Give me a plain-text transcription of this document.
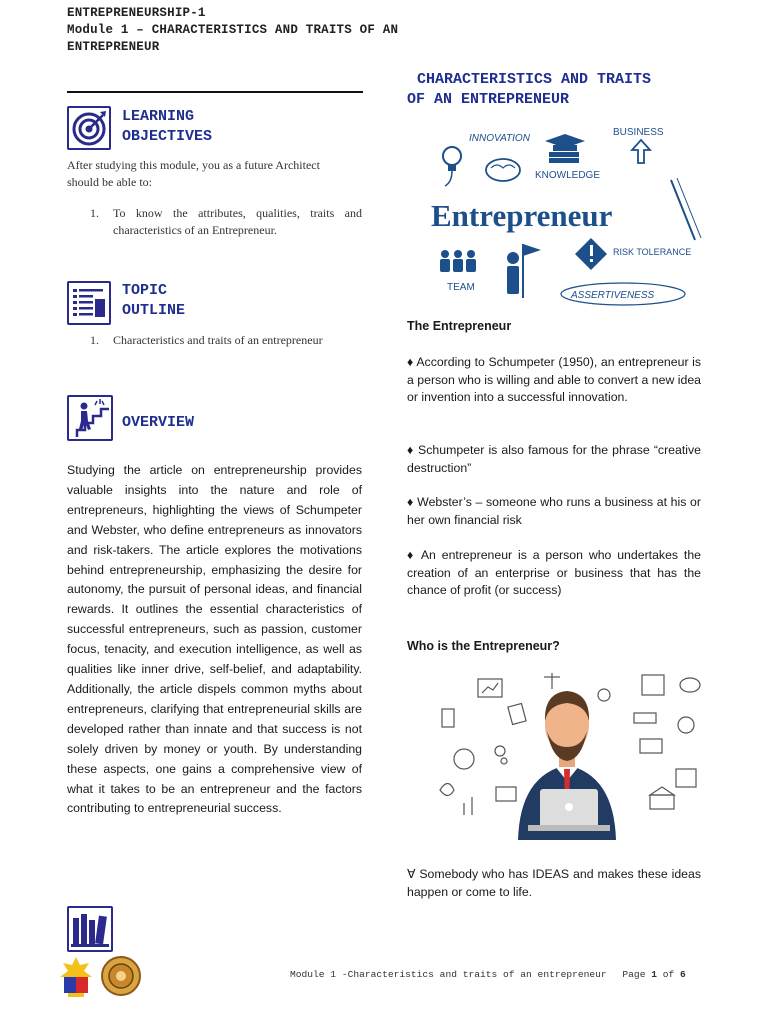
ENTREPRENEURSHIP-1
Module 1 – CHARACTERISTICS AND TRAITS OF AN
ENTREPRENEUR
LEARNING
OBJECTIVES
After studying this module, you as a future Architect
should be able to:
1. To know the attributes, qualities, traits and characteristics of an Entrepreneur.
TOPIC
OUTLINE
1. Characteristics and traits of an entrepreneur
OVERVIEW
Studying the article on entrepreneurship provides valuable insights into the nature and role of entrepreneurs, highlighting the views of Schumpeter and Webster, who define entrepreneurs as innovators and risk-takers. The article explores the motivations behind entrepreneurship, emphasizing the desire for autonomy, the pursuit of personal ideas, and financial rewards. It outlines the essential characteristics of successful entrepreneurs, such as passion, customer focus, tenacity, and execution intelligence, as well as qualities like inner drive, self-belief, and adaptability. Additionally, the article dispels common myths about entrepreneurs, clarifying that entrepreneurial skills are developed rather than innate and that success is not solely driven by money or youth. By understanding these aspects, one gains a comprehensive view of what it takes to be an entrepreneur and the factors contributing to entrepreneurial success.
CHARACTERISTICS AND TRAITS
OF AN ENTREPRENEUR
INNOVATION
KNOWLEDGE
BUSINESS
Entrepreneur
TEAM
RISK TOLERANCE
ASSERTIVENESS
The Entrepreneur
♦ According to Schumpeter (1950), an entrepreneur is a person who is willing and able to convert a new idea or invention into a successful innovation.
♦ Schumpeter is also famous for the phrase “creative destruction”
♦ Webster’s – someone who runs a business at his or her own financial risk
♦ An entrepreneur is a person who undertakes the creation of an enterprise or business that has the chance of profit (or success)
Who is the Entrepreneur?
∀ Somebody who has IDEAS and makes these ideas happen or come to life.
Module 1 -Characteristics and traits of an entrepreneur Page 1 of 6
